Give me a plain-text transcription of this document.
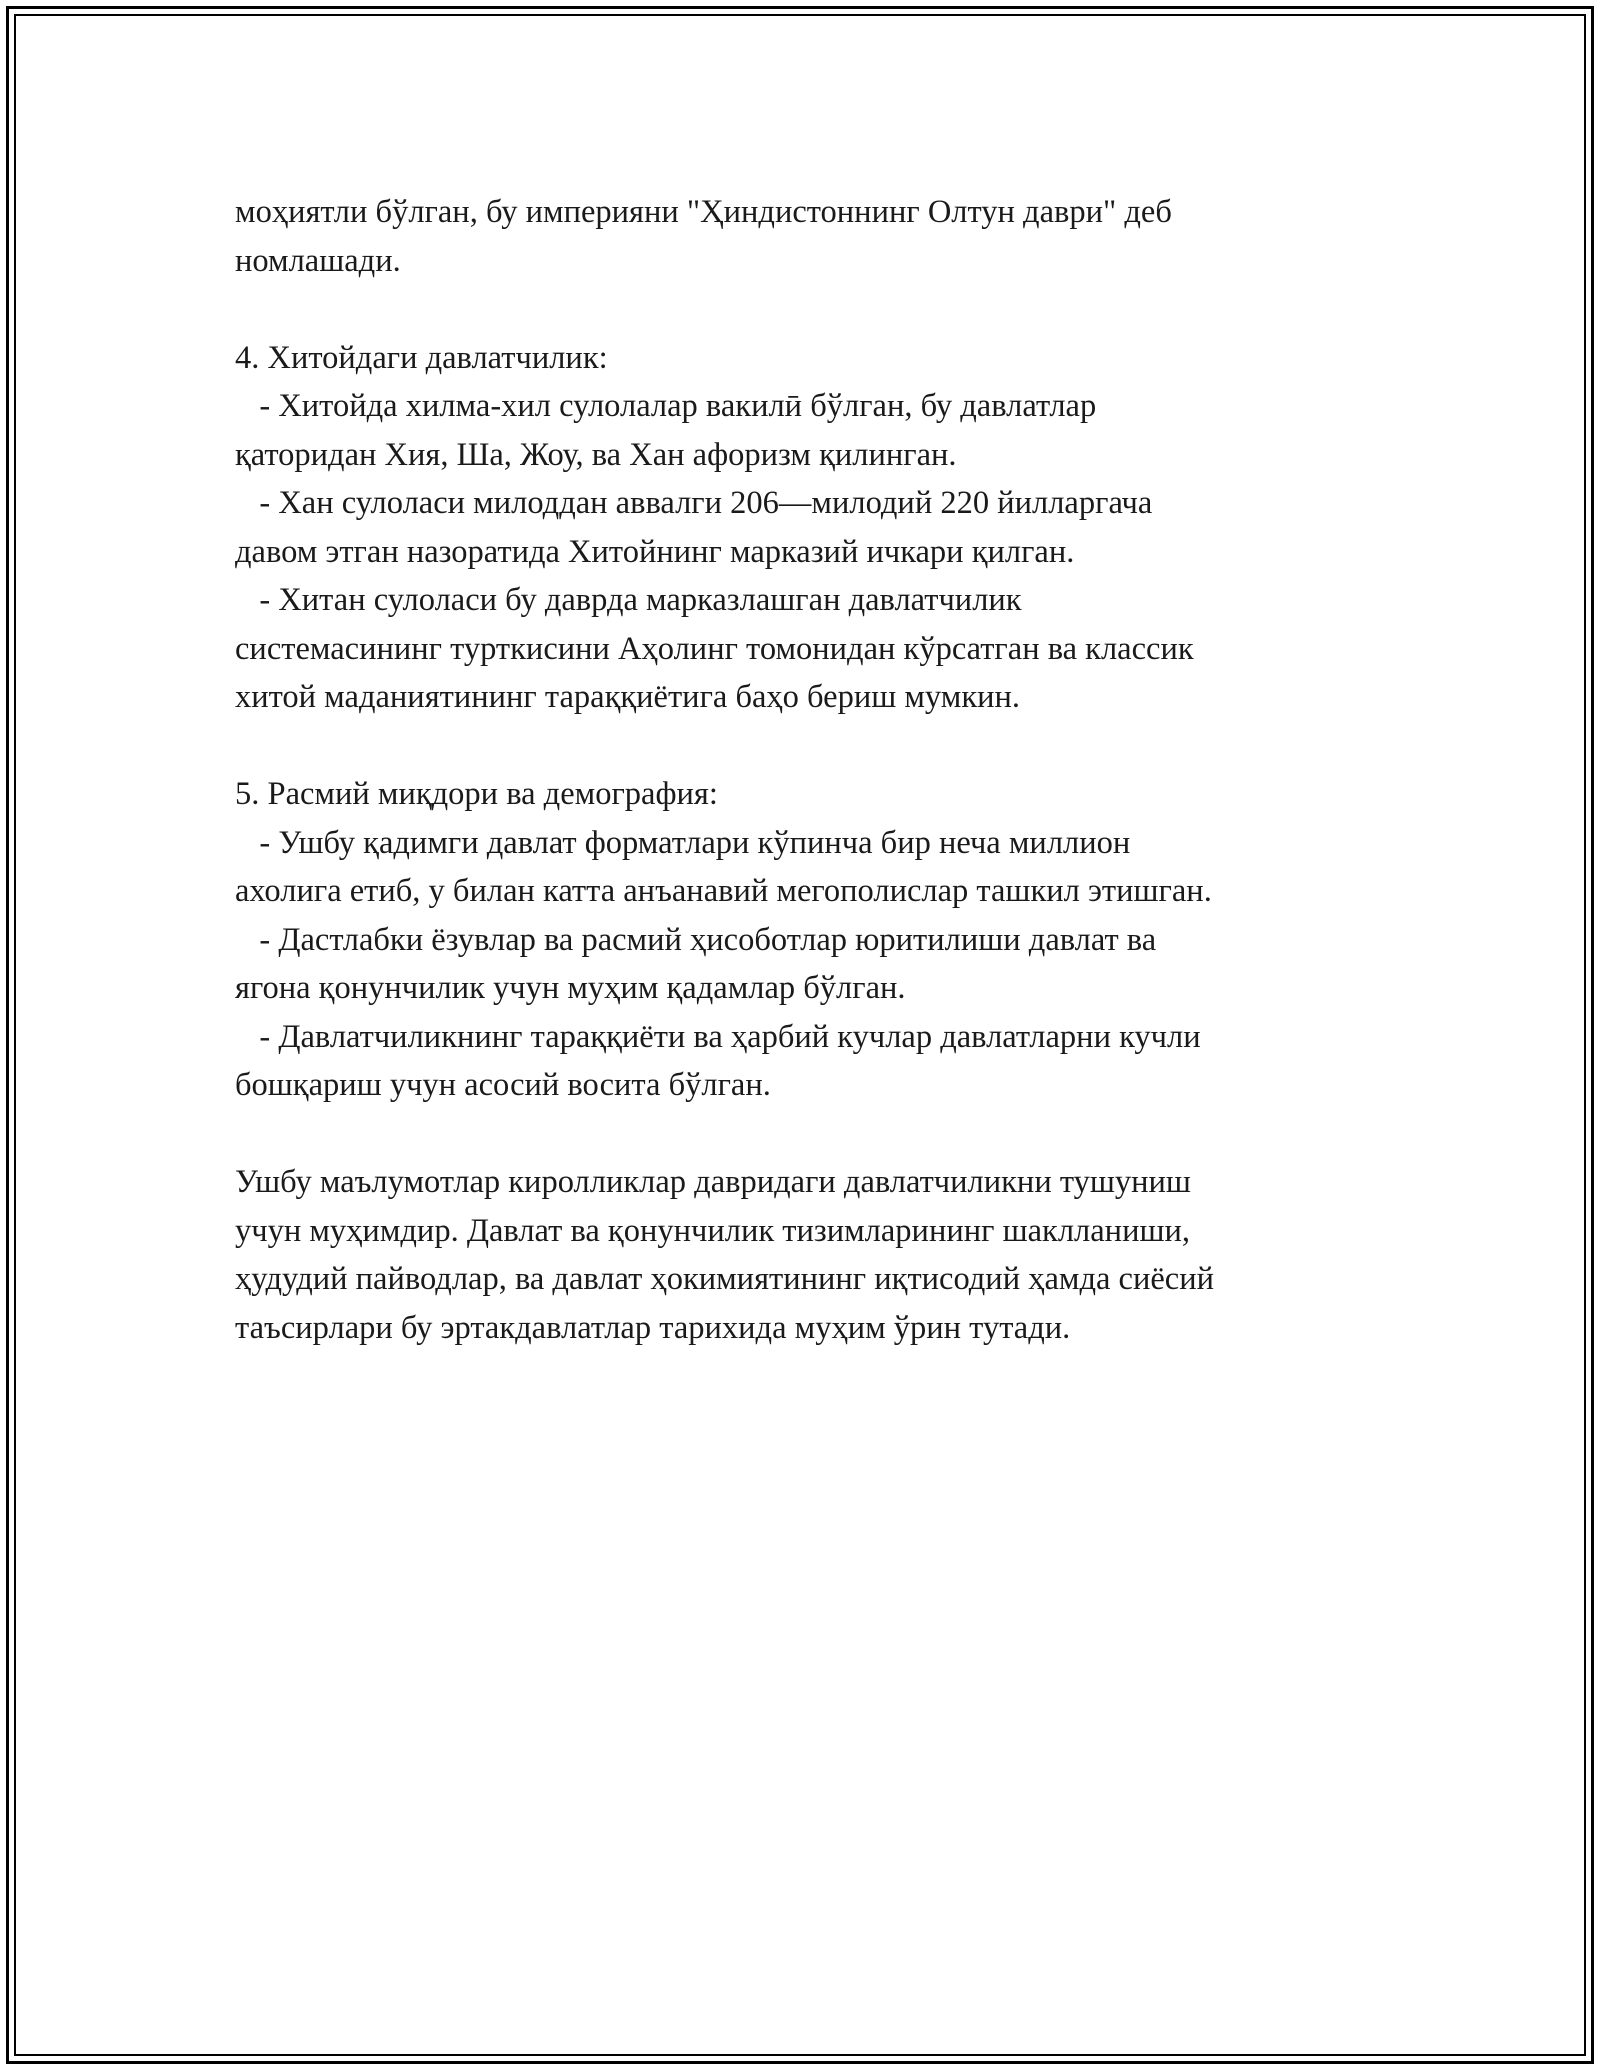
моҳиятли бўлган, бу империяни "Ҳиндистоннинг Олтун даври" деб
номлашади.
4. Хитойдаги давлатчилик:
- Хитойда хилма-хил сулолалар вакилӣ бўлган, бу давлатлар
қаторидан Хия, Ша, Жоу, ва Хан афоризм қилинган.
- Хан сулоласи милоддан аввалги 206—милодий 220 йилларгача
давом этган назоратида Хитойнинг марказий ичкари қилган.
- Хитан сулоласи бу даврда марказлашган давлатчилик
системасининг турткисини Аҳолинг томонидан кўрсатган ва классик
хитой маданиятининг тараққиётига баҳо бериш мумкин.
5. Расмий миқдори ва демография:
- Ушбу қадимги давлат форматлари кўпинча бир неча миллион
ахолига етиб, у билан катта анъанавий мегополислар ташкил этишган.
- Дастлабки ёзувлар ва расмий ҳисоботлар юритилиши давлат ва
ягона қонунчилик учун муҳим қадамлар бўлган.
- Давлатчиликнинг тараққиёти ва ҳарбий кучлар давлатларни кучли
бошқариш учун асосий восита бўлган.
Ушбу маълумотлар киролликлар давридаги давлатчиликни тушуниш
учун муҳимдир. Давлат ва қонунчилик тизимларининг шаклланиши,
ҳудудий пайводлар, ва давлат ҳокимиятининг иқтисодий ҳамда сиёсий
таъсирлари бу эртакдавлатлар тарихида муҳим ўрин тутади.
